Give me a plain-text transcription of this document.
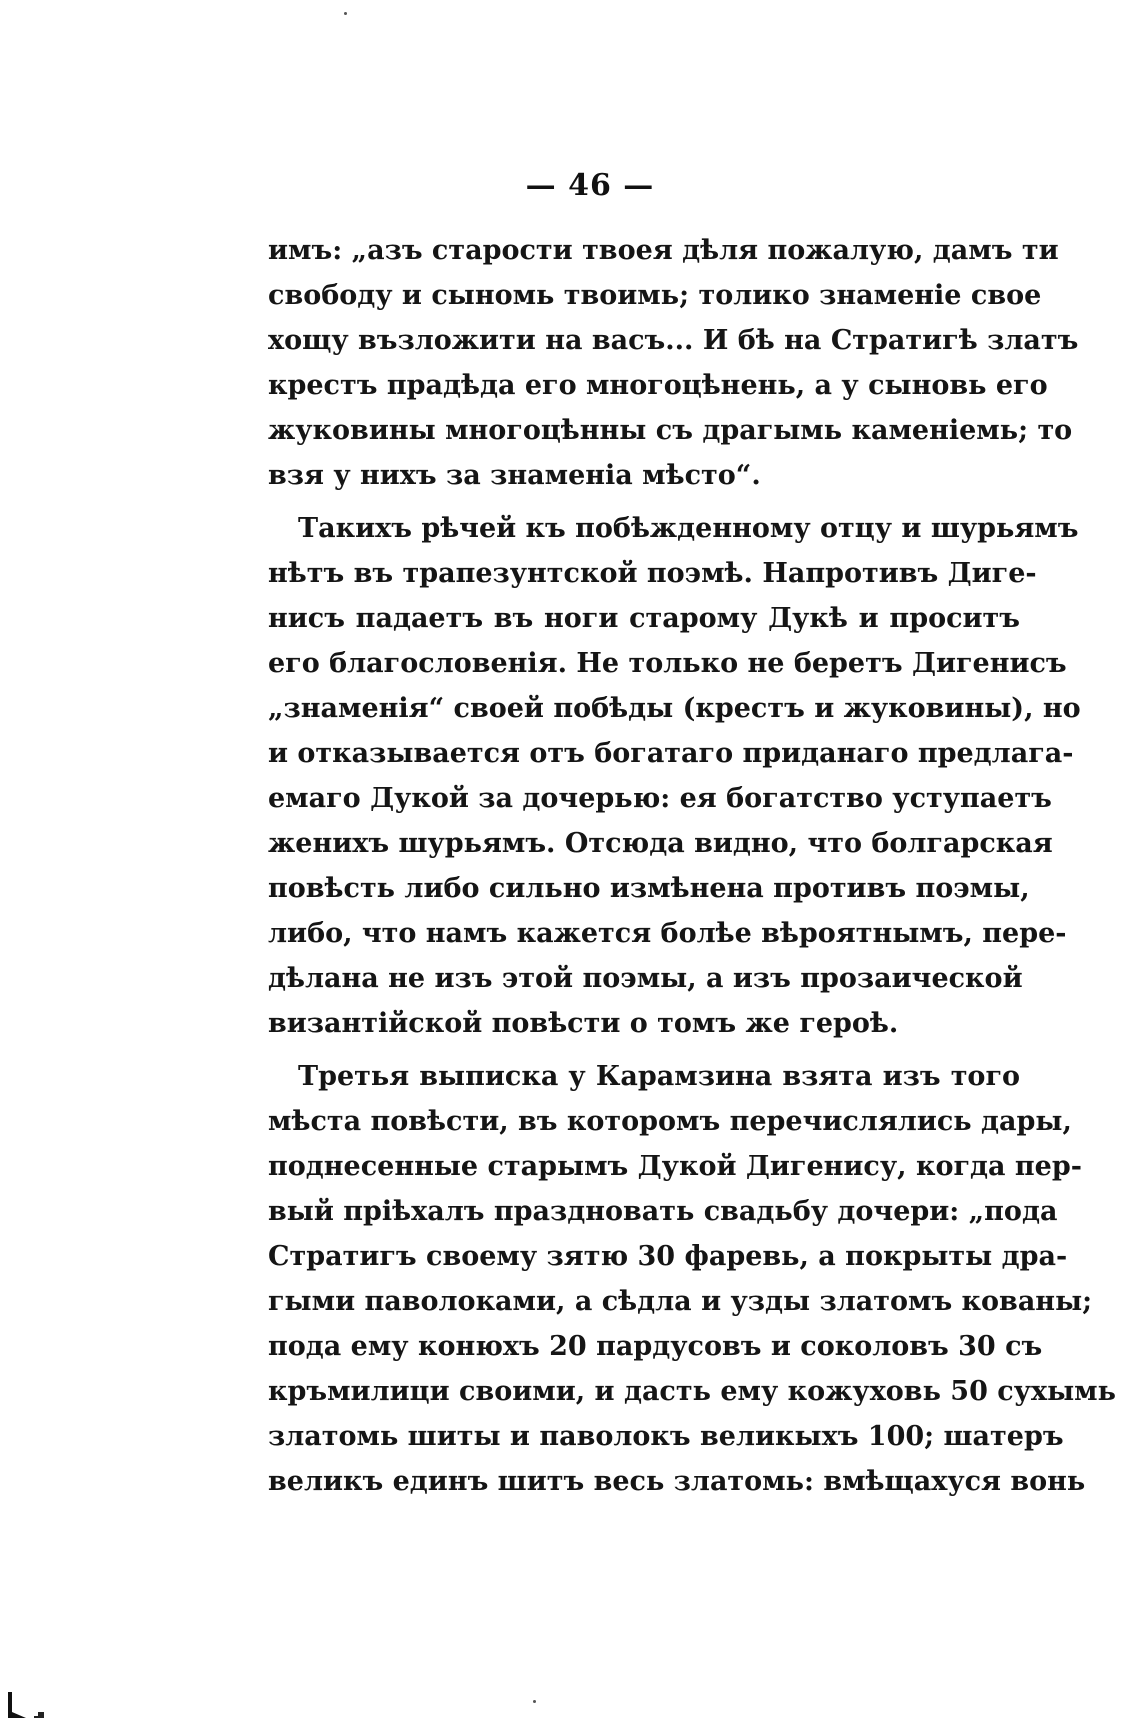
— 46 —
имъ: „азъ старости твоея дѣля пожалую, дамъ ти
свободу и сыномь твоимь; толико знаменіе свое
хощу възложити на васъ... И бѣ на Стратигѣ златъ
крестъ прадѣда его многоцѣнень, а у сыновь его
жуковины многоцѣнны съ драгымь каменіемь; то
взя у нихъ за знаменіа мѣсто“.
Такихъ рѣчей къ побѣжденному отцу и шурьямъ
нѣтъ въ трапезунтской поэмѣ. Напротивъ Диге-
нисъ падаетъ въ ноги старому Дукѣ и проситъ
его благословенія. Не только не беретъ Дигенисъ
„знаменія“ своей побѣды (крестъ и жуковины), но
и отказывается отъ богатаго приданаго предлага-
емаго Дукой за дочерью: ея богатство уступаетъ
женихъ шурьямъ. Отсюда видно, что болгарская
повѣсть либо сильно измѣнена противъ поэмы,
либо, что намъ кажется болѣе вѣроятнымъ, пере-
дѣлана не изъ этой поэмы, а изъ прозаической
византійской повѣсти о томъ же героѣ.
Третья выписка у Карамзина взята изъ того
мѣста повѣсти, въ которомъ перечислялись дары,
поднесенные старымъ Дукой Дигенису, когда пер-
вый пріѣхалъ праздновать свадьбу дочери: „пода
Стратигъ своему зятю 30 фаревь, а покрыты дра-
гыми паволоками, а сѣдла и узды златомъ кованы;
пода ему конюхъ 20 пардусовъ и соколовъ 30 съ
кръмилици своими, и дасть ему кожуховь 50 сухымь
златомь шиты и паволокъ великыхъ 100; шатеръ
великъ единъ шитъ весь златомь: вмѣщахуся вонь
